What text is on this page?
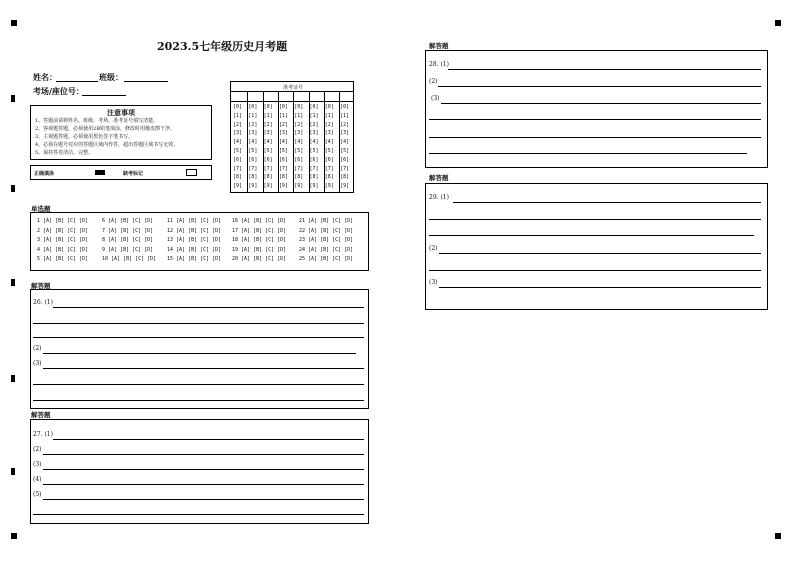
2023.5七年级历史月考题
姓名：	班级：
考场/座位号：
注意事项
1、答题前请将姓名、班级、考场、准考证号填写清楚。
2、客观题答题，必须使用2B铅笔填涂，修改时用橡皮擦干净。
3、主观题答题，必须使用黑色签字笔书写。
4、必须在题号对应的答题区域内作答，超出答题区域书写无效。
5、保持答卷清洁、完整。
正确填涂	缺考标记
准考证号
[0]
[1]
[2]
[3]
[4]
[5]
[6]
[7]
[8]
[9]
[0]
[1]
[2]
[3]
[4]
[5]
[6]
[7]
[8]
[9]
[0]
[1]
[2]
[3]
[4]
[5]
[6]
[7]
[8]
[9]
[0]
[1]
[2]
[3]
[4]
[5]
[6]
[7]
[8]
[9]
[0]
[1]
[2]
[3]
[4]
[5]
[6]
[7]
[8]
[9]
[0]
[1]
[2]
[3]
[4]
[5]
[6]
[7]
[8]
[9]
[0]
[1]
[2]
[3]
[4]
[5]
[6]
[7]
[8]
[9]
[0]
[1]
[2]
[3]
[4]
[5]
[6]
[7]
[8]
[9]
单选题
1 [A] [B] [C] [D]
2 [A] [B] [C] [D]
3 [A] [B] [C] [D]
4 [A] [B] [C] [D]
5 [A] [B] [C] [D]
6 [A] [B] [C] [D]
7 [A] [B] [C] [D]
8 [A] [B] [C] [D]
9 [A] [B] [C] [D]
10 [A] [B] [C] [D]
11 [A] [B] [C] [D]
12 [A] [B] [C] [D]
13 [A] [B] [C] [D]
14 [A] [B] [C] [D]
15 [A] [B] [C] [D]
16 [A] [B] [C] [D]
17 [A] [B] [C] [D]
18 [A] [B] [C] [D]
19 [A] [B] [C] [D]
20 [A] [B] [C] [D]
21 [A] [B] [C] [D]
22 [A] [B] [C] [D]
23 [A] [B] [C] [D]
24 [A] [B] [C] [D]
25 [A] [B] [C] [D]
解答题
26. (1)
(2)
(3)
解答题
27. (1)
(2)
(3)
(4)
(5)
解答题
28. (1)
(2)
(3)
解答题
29. (1)
(2)
(3)
